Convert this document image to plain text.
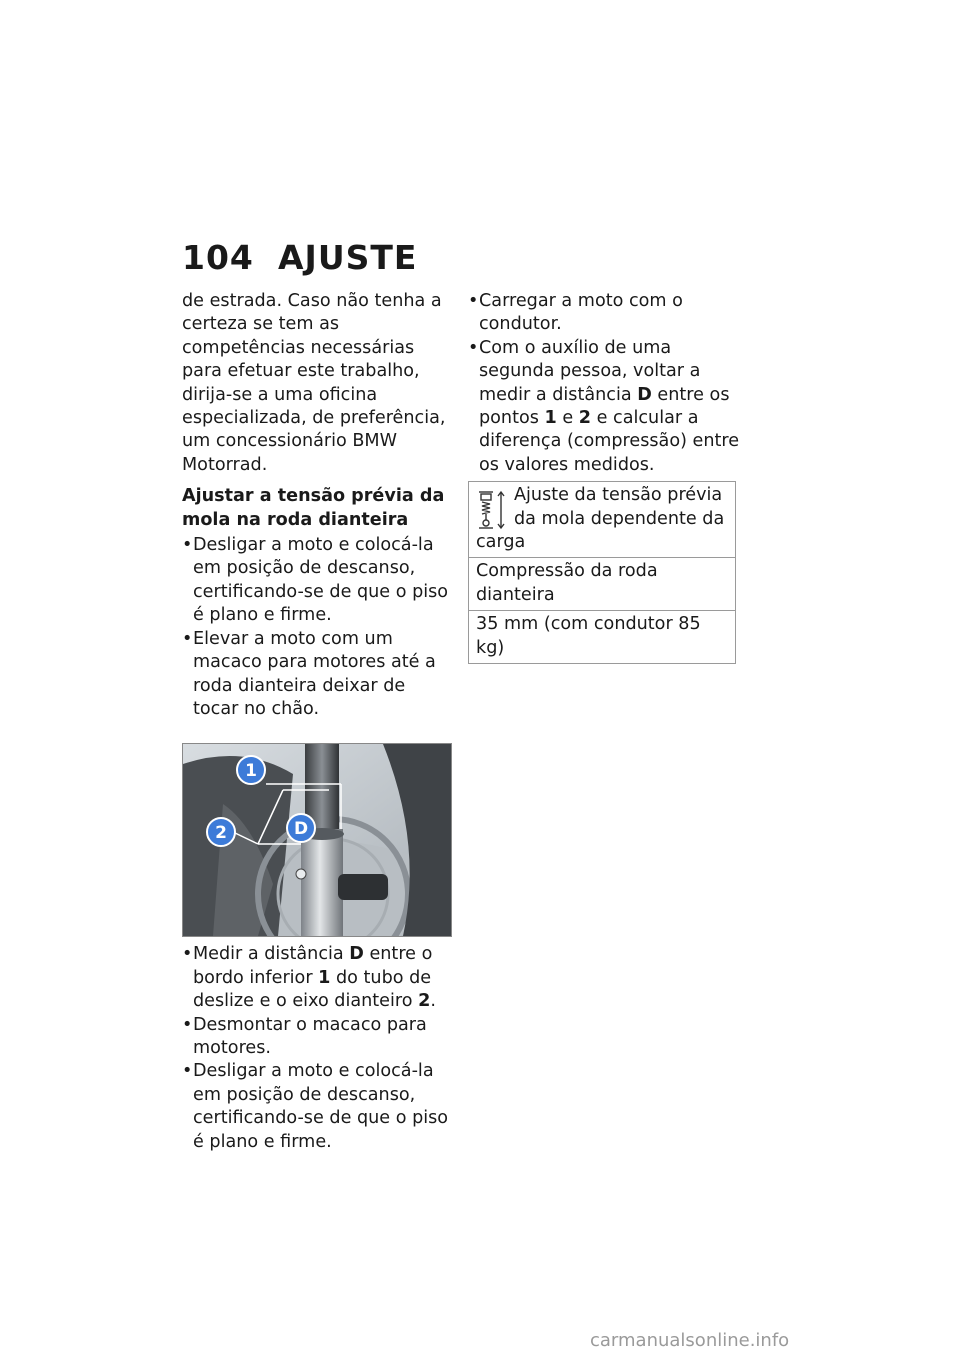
104 AJUSTE

de estrada. Caso não tenha a certeza se tem as competências necessárias para efetuar este trabalho, dirija-se a uma oficina especializada, de preferência, um concessionário BMW Motorrad.

Ajustar a tensão prévia da mola na roda dianteira
• Desligar a moto e colocá-la em posição de descanso, certificando-se de que o piso é plano e firme.
• Elevar a moto com um macaco para motores até a roda dianteira deixar de tocar no chão.
1
2	D
• Medir a distância D entre o bordo inferior 1 do tubo de deslize e o eixo dianteiro 2.
• Desmontar o macaco para motores.
• Desligar a moto e colocá-la em posição de descanso, certificando-se de que o piso é plano e firme.
• Carregar a moto com o condutor.
• Com o auxílio de uma segunda pessoa, voltar a medir a distância D entre os pontos 1 e 2 e calcular a diferença (compressão) entre os valores medidos.
Ajuste da tensão prévia da mola dependente da carga
Compressão da roda dianteira
35 mm (com condutor 85 kg)
carmanualsonline.info
